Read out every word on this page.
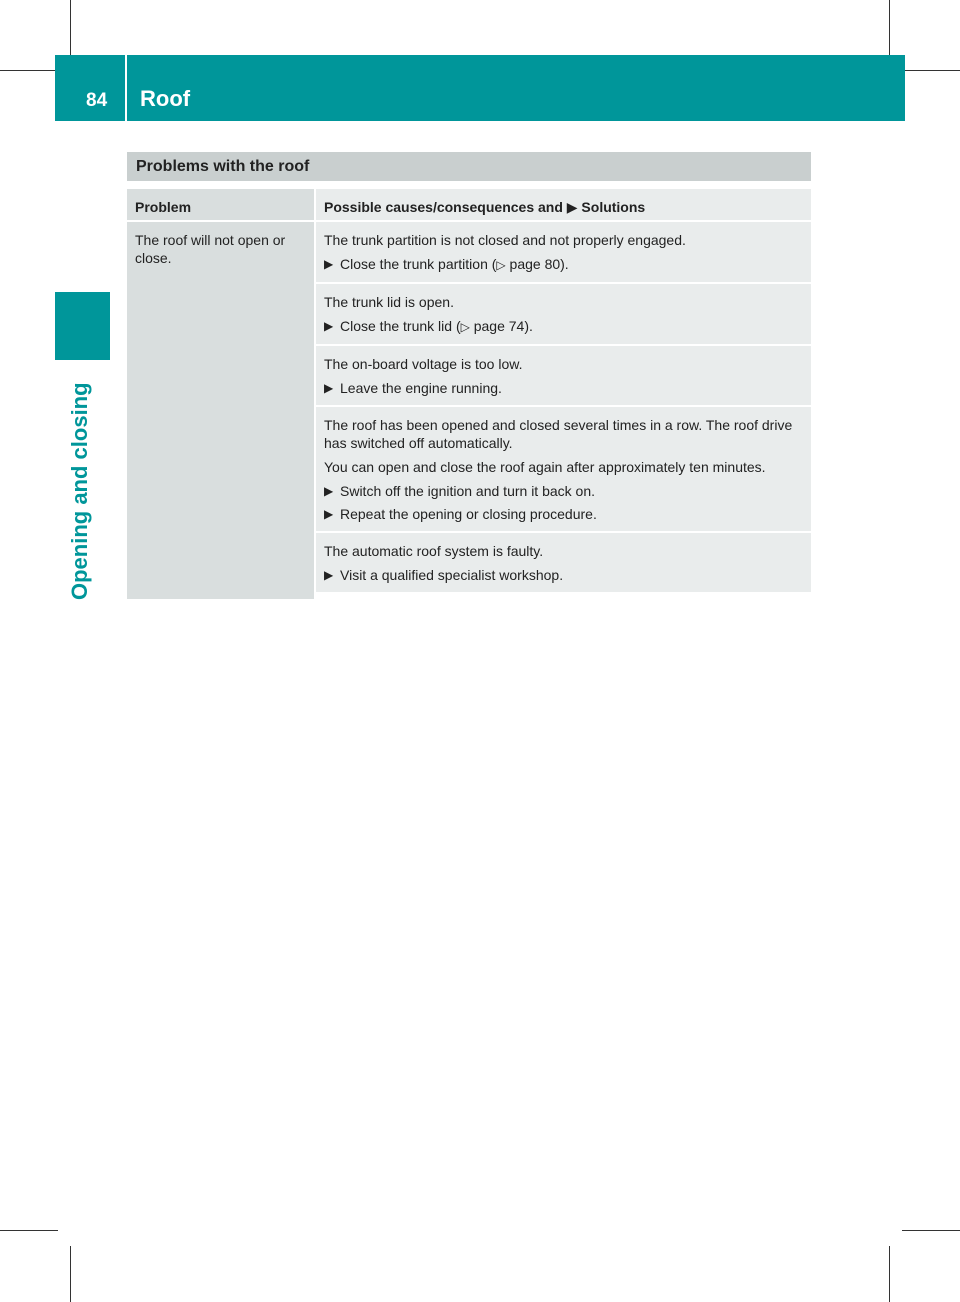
84 Roof
Opening and closing
Problems with the roof
Problem	Possible causes/consequences and ▶ Solutions
The roof will not open or close.

The trunk partition is not closed and not properly engaged.

▶ Close the trunk partition (▷ page 80).

The trunk lid is open.

▶ Close the trunk lid (▷ page 74).

The on-board voltage is too low.

▶ Leave the engine running.

The roof has been opened and closed several times in a row. The roof drive has switched off automatically.

You can open and close the roof again after approximately ten minutes.

▶ Switch off the ignition and turn it back on.
▶ Repeat the opening or closing procedure.

The automatic roof system is faulty.

▶ Visit a qualified specialist workshop.
